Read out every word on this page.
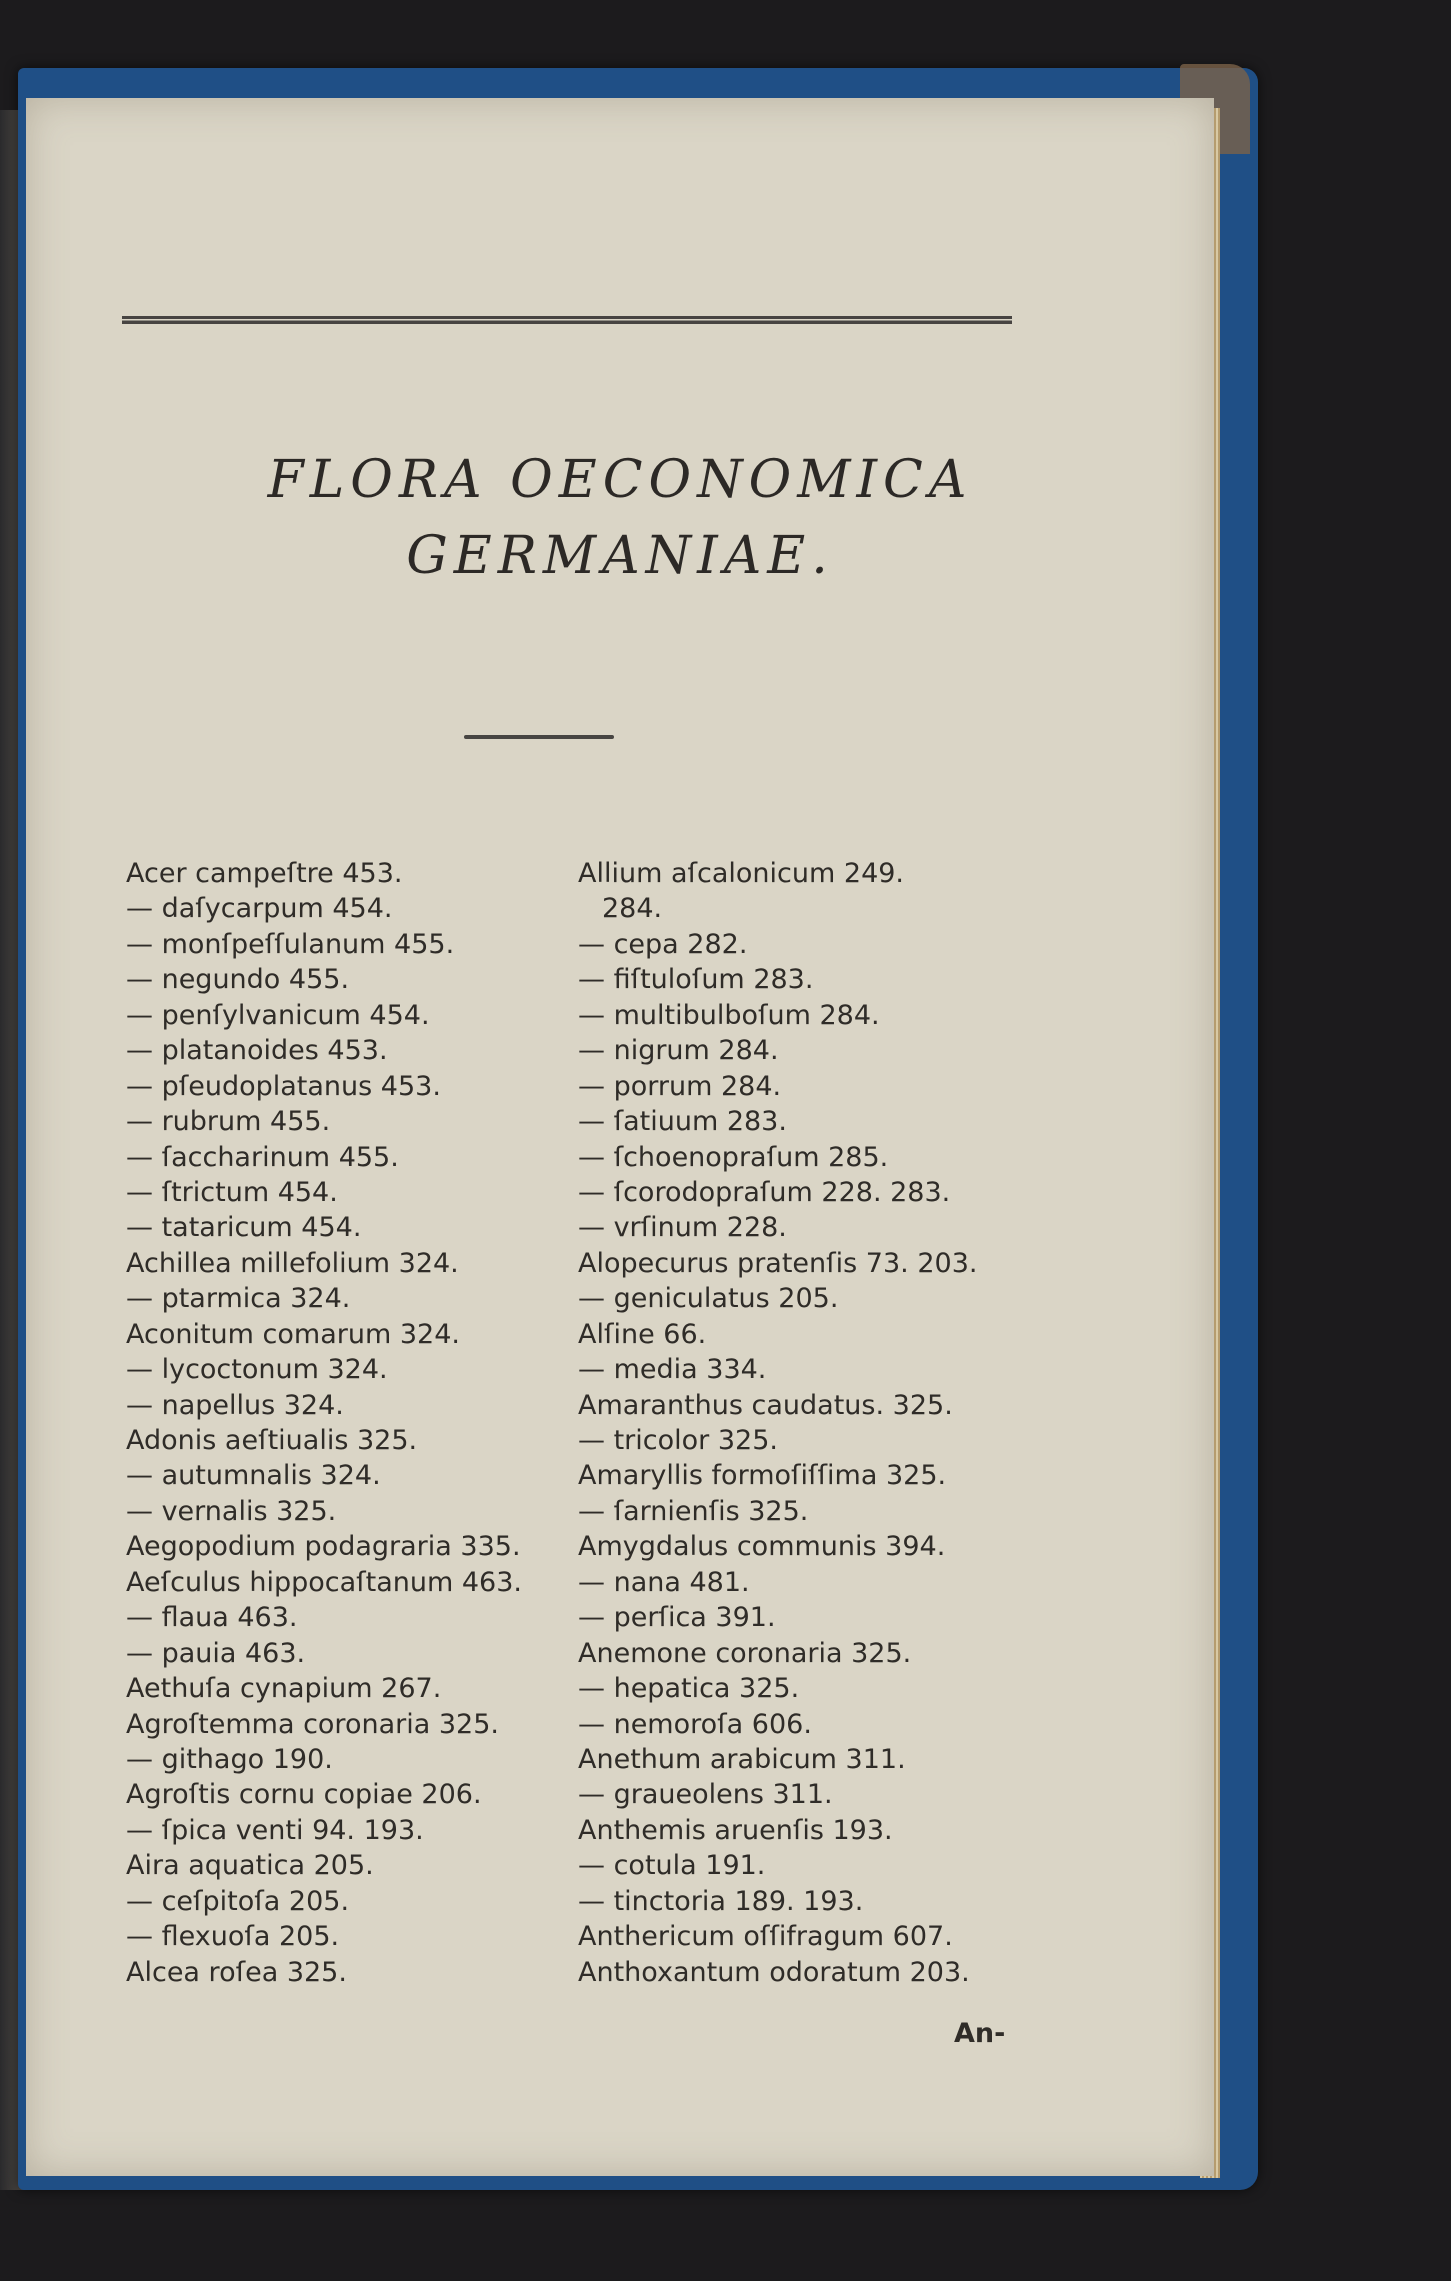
FLORA OECONOMICA
GERMANIAE.
Acer campeſtre 453.
— daſycarpum 454.
— monſpeſſulanum 455.
— negundo 455.
— penſylvanicum 454.
— platanoides 453.
— pſeudoplatanus 453.
— rubrum 455.
— ſaccharinum 455.
— ſtrictum 454.
— tataricum 454.
Achillea millefolium 324.
— ptarmica 324.
Aconitum comarum 324.
— lycoctonum 324.
— napellus 324.
Adonis aeſtiualis 325.
— autumnalis 324.
— vernalis 325.
Aegopodium podagraria 335.
Aeſculus hippocaſtanum 463.
— flaua 463.
— pauia 463.
Aethuſa cynapium 267.
Agroſtemma coronaria 325.
— githago 190.
Agroſtis cornu copiae 206.
— ſpica venti 94. 193.
Aira aquatica 205.
— ceſpitoſa 205.
— flexuoſa 205.
Alcea roſea 325.
Allium aſcalonicum 249.
284.
— cepa 282.
— fiſtuloſum 283.
— multibulboſum 284.
— nigrum 284.
— porrum 284.
— ſatiuum 283.
— ſchoenopraſum 285.
— ſcorodopraſum 228. 283.
— vrſinum 228.
Alopecurus pratenſis 73. 203.
— geniculatus 205.
Alſine 66.
— media 334.
Amaranthus caudatus. 325.
— tricolor 325.
Amaryllis formoſiſſima 325.
— ſarnienſis 325.
Amygdalus communis 394.
— nana 481.
— perſica 391.
Anemone coronaria 325.
— hepatica 325.
— nemoroſa 606.
Anethum arabicum 311.
— graueolens 311.
Anthemis aruenſis 193.
— cotula 191.
— tinctoria 189. 193.
Anthericum oſſifragum 607.
Anthoxantum odoratum 203.
An-
